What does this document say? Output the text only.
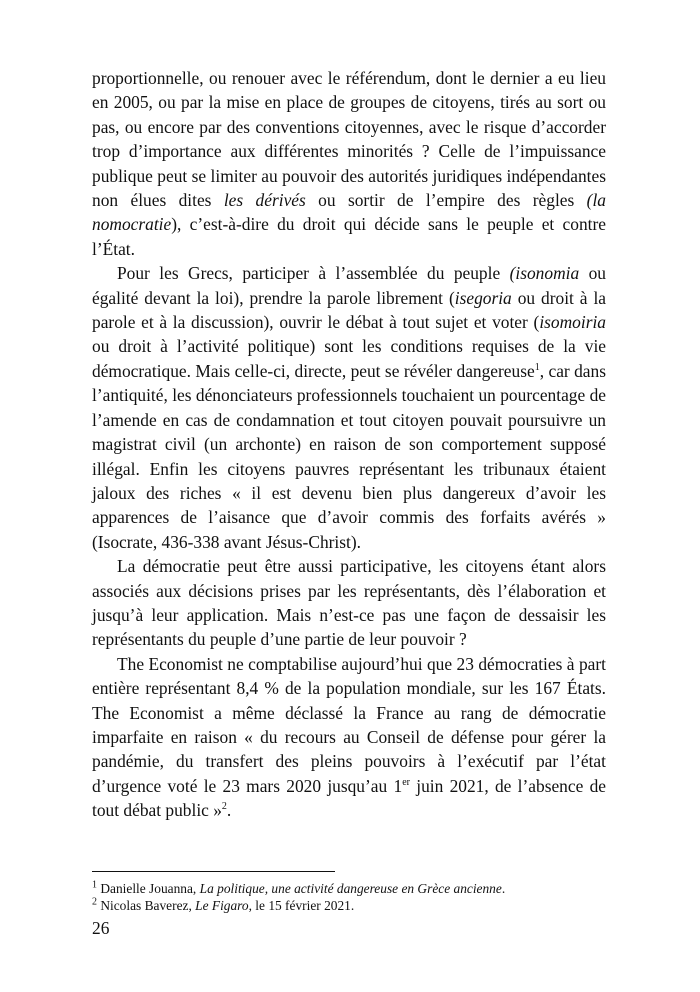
proportionnelle, ou renouer avec le référendum, dont le dernier a eu lieu en 2005, ou par la mise en place de groupes de citoyens, tirés au sort ou pas, ou encore par des conventions citoyennes, avec le risque d’accorder trop d’importance aux différentes minorités ? Celle de l’impuissance publique peut se limiter au pouvoir des autorités juridiques indépendantes non élues dites les dérivés ou sortir de l’empire des règles (la nomocratie), c’est-à-dire du droit qui décide sans le peuple et contre l’État.

Pour les Grecs, participer à l’assemblée du peuple (isonomia ou égalité devant la loi), prendre la parole librement (isegoria ou droit à la parole et à la discussion), ouvrir le débat à tout sujet et voter (isomoiria ou droit à l’activité politique) sont les conditions requises de la vie démocratique. Mais celle-ci, directe, peut se révéler dangereuse$^1$, car dans l’antiquité, les dénonciateurs professionnels touchaient un pourcentage de l’amende en cas de condamnation et tout citoyen pouvait poursuivre un magistrat civil (un archonte) en raison de son comportement supposé illégal. Enfin les citoyens pauvres représentant les tribunaux étaient jaloux des riches « il est devenu bien plus dangereux d’avoir les apparences de l’aisance que d’avoir commis des forfaits avérés » (Isocrate, 436-338 avant Jésus-Christ).

La démocratie peut être aussi participative, les citoyens étant alors associés aux décisions prises par les représentants, dès l’élaboration et jusqu’à leur application. Mais n’est-ce pas une façon de dessaisir les représentants du peuple d’une partie de leur pouvoir ?

The Economist ne comptabilise aujourd’hui que 23 démocraties à part entière représentant 8,4 % de la population mondiale, sur les 167 États. The Economist a même déclassé la France au rang de démocratie imparfaite en raison « du recours au Conseil de défense pour gérer la pandémie, du transfert des pleins pouvoirs à l’exécutif par l’état d’urgence voté le 23 mars 2020 jusqu’au 1er juin 2021, de l’absence de tout débat public »$^2$.

$^1$ Danielle Jouanna, La politique, une activité dangereuse en Grèce ancienne.

$^2$ Nicolas Baverez, Le Figaro, le 15 février 2021.

26
